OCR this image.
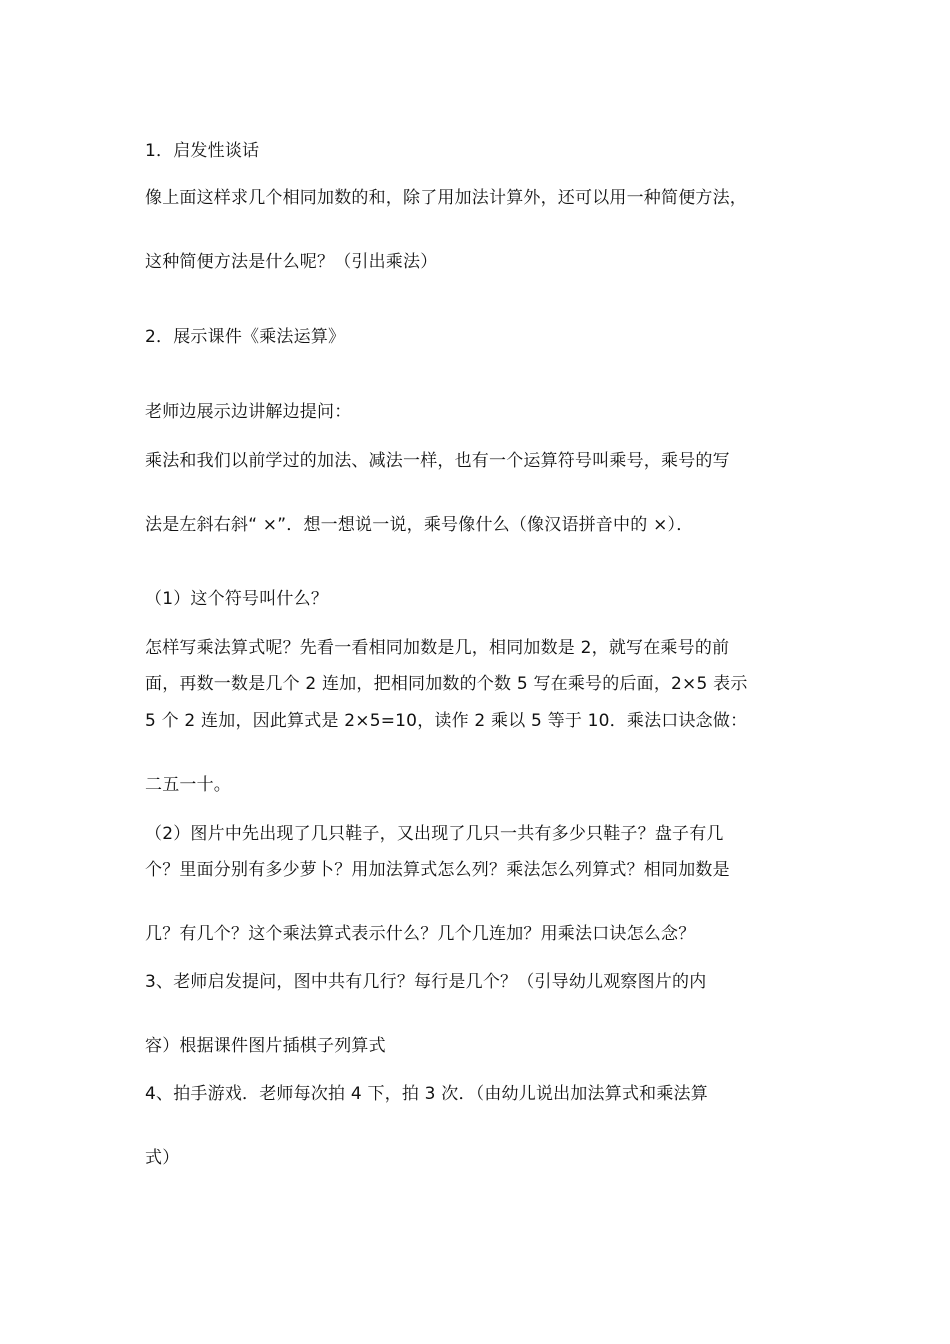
1．启发性谈话
像上面这样求几个相同加数的和，除了用加法计算外，还可以用一种简便方法，
这种简便方法是什么呢？（引出乘法）
2．展示课件《乘法运算》
老师边展示边讲解边提问：
乘法和我们以前学过的加法、减法一样，也有一个运算符号叫乘号，乘号的写
法是左斜右斜“ ×”．想一想说一说，乘号像什么（像汉语拼音中的 ×）．
（1）这个符号叫什么？
怎样写乘法算式呢？先看一看相同加数是几，相同加数是 2，就写在乘号的前
面，再数一数是几个 2 连加，把相同加数的个数 5 写在乘号的后面，2×5 表示
5 个 2 连加，因此算式是 2×5=10，读作 2 乘以 5 等于 10．乘法口诀念做：
二五一十。
（2）图片中先出现了几只鞋子，又出现了几只一共有多少只鞋子？盘子有几
个？里面分别有多少萝卜？用加法算式怎么列？乘法怎么列算式？相同加数是
几？有几个？这个乘法算式表示什么？几个几连加？用乘法口诀怎么念？
3、老师启发提问，图中共有几行？每行是几个？（引导幼儿观察图片的内
容）根据课件图片插棋子列算式
4、拍手游戏．老师每次拍 4 下，拍 3 次．（由幼儿说出加法算式和乘法算
式）
